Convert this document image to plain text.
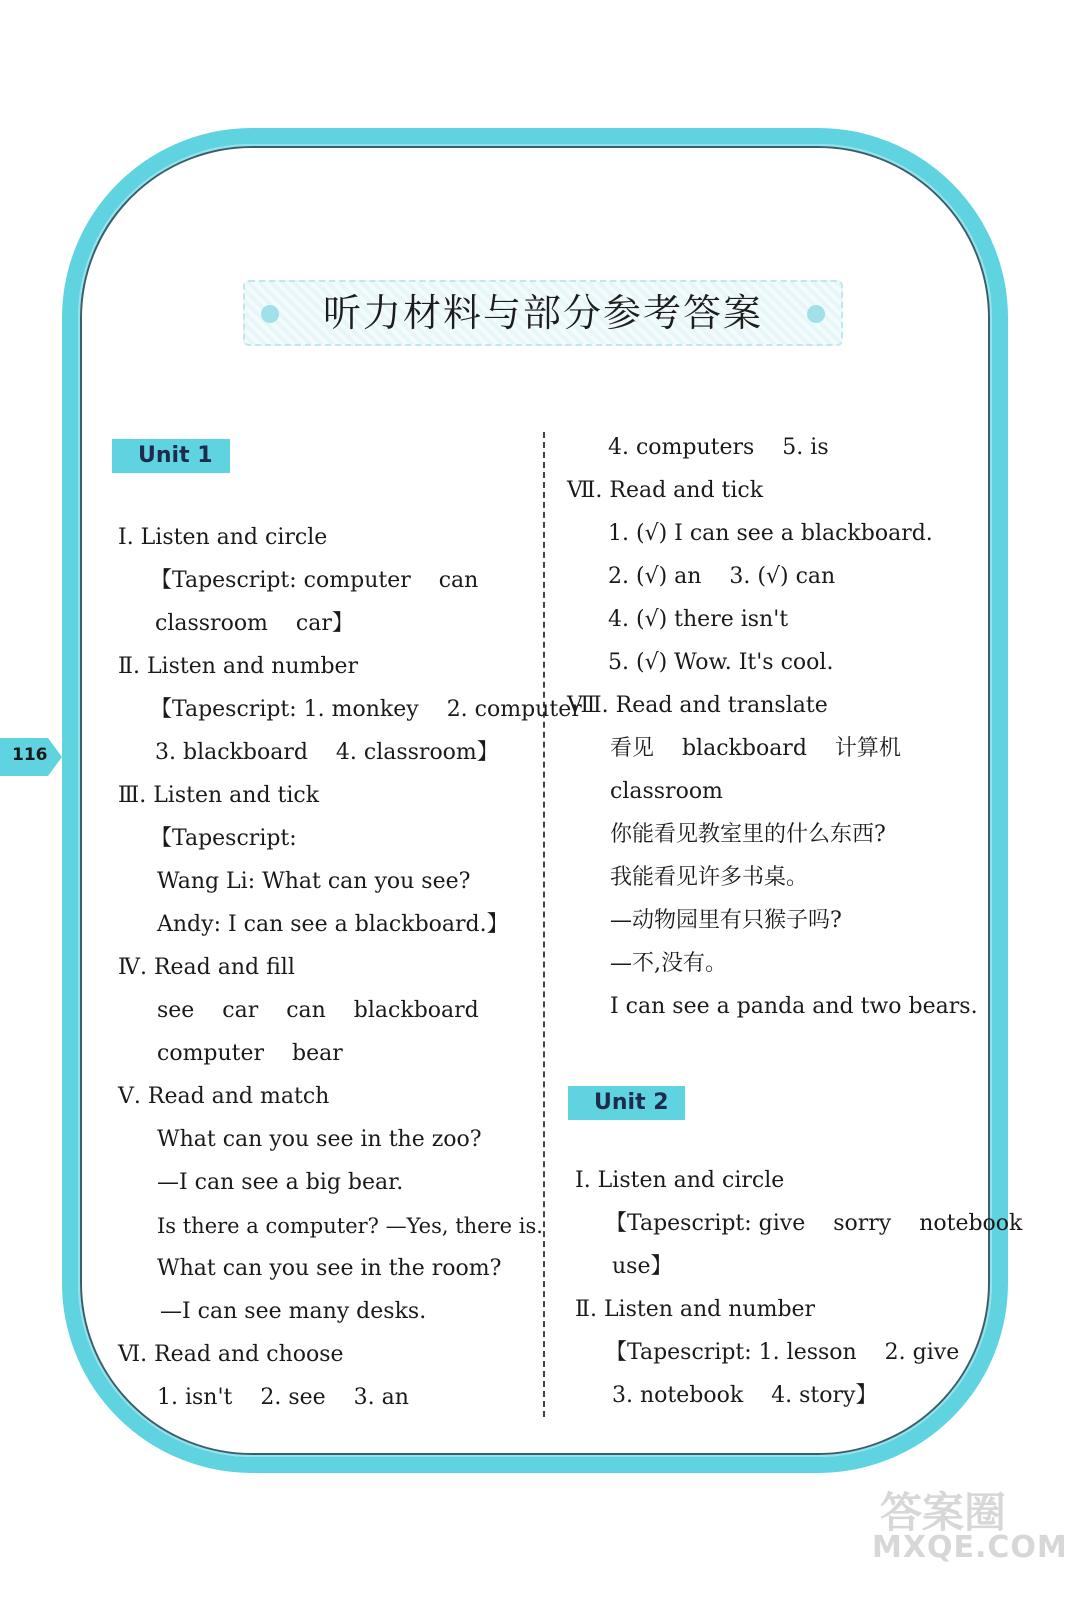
听力材料与部分参考答案
116
Unit 1
Unit 2
Ⅰ. Listen and circle
【Tapescript: computer    can
classroom    car】
Ⅱ. Listen and number
【Tapescript: 1. monkey    2. computer
3. blackboard    4. classroom】
Ⅲ. Listen and tick
【Tapescript:
Wang Li: What can you see?
Andy: I can see a blackboard.】
Ⅳ. Read and fill
see    car    can    blackboard
computer    bear
Ⅴ. Read and match
What can you see in the zoo?
—I can see a big bear.
Is there a computer? —Yes, there is.
What can you see in the room?
—I can see many desks.
Ⅵ. Read and choose
1. isn't    2. see    3. an
4. computers    5. is
Ⅶ. Read and tick
1. (√) I can see a blackboard.
2. (√) an    3. (√) can
4. (√) there isn't
5. (√) Wow. It's cool.
Ⅷ. Read and translate
看见    blackboard    计算机
classroom
你能看见教室里的什么东西?
我能看见许多书桌。
—动物园里有只猴子吗?
—不,没有。
I can see a panda and two bears.
Ⅰ. Listen and circle
【Tapescript: give    sorry    notebook
use】
Ⅱ. Listen and number
【Tapescript: 1. lesson    2. give
3. notebook    4. story】
答案圈
MXQE.COM
